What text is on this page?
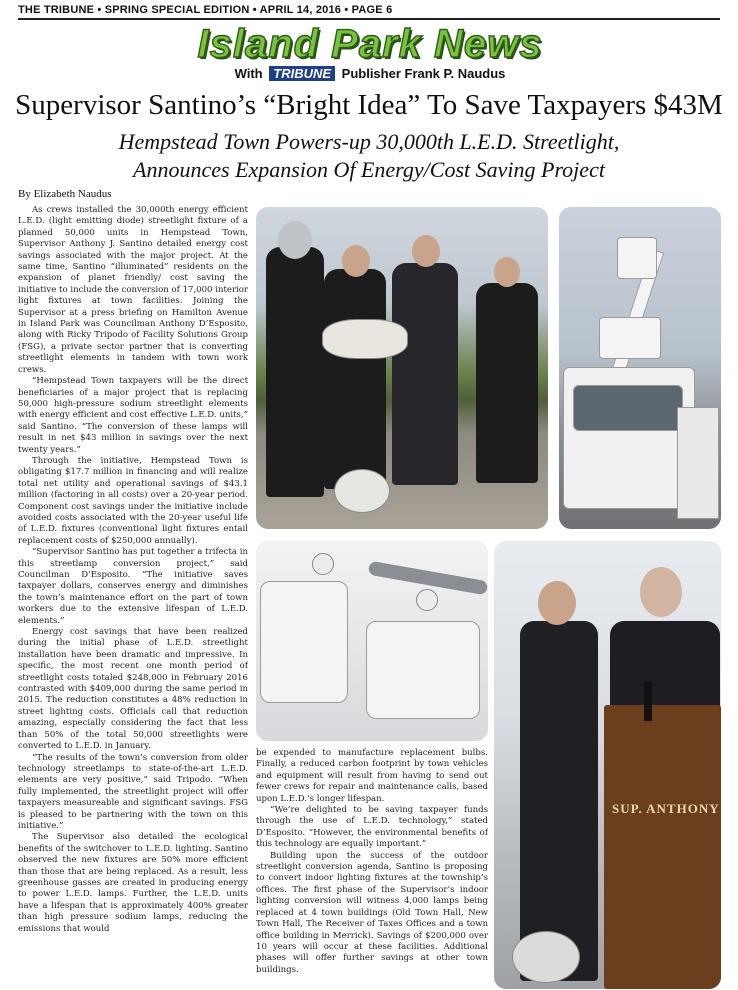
THE TRIBUNE • SPRING SPECIAL EDITION • APRIL 14, 2016 • PAGE 6
Island Park News
With TRIBUNE Publisher Frank P. Naudus
Supervisor Santino’s “Bright Idea” To Save Taxpayers $43M
Hempstead Town Powers-up 30,000th L.E.D. Streetlight,
Announces Expansion Of Energy/Cost Saving Project
By Elizabeth Naudus

As crews installed the 30,000th energy efficient L.E.D. (light emitting diode) streetlight fixture of a planned 50,000 units in Hempstead Town, Supervisor Anthony J. Santino detailed energy cost savings associated with the major project. At the same time, Santino “illuminated” residents on the expansion of planet friendly/ cost saving the initiative to include the conversion of 17,000 interior light fixtures at town facilities. Joining the Supervisor at a press briefing on Hamilton Avenue in Island Park was Councilman Anthony D’Esposito, along with Ricky Tripodo of Facility Solutions Group (FSG), a private sector partner that is converting streetlight elements in tandem with town work crews.

“Hempstead Town taxpayers will be the direct beneficiaries of a major project that is replacing 50,000 high-pressure sodium streetlight elements with energy efficient and cost effective L.E.D. units,” said Santino. “The conversion of these lamps will result in net $43 million in savings over the next twenty years.”

Through the initiative, Hempstead Town is obligating $17.7 million in financing and will realize total net utility and operational savings of $43.1 million (factoring in all costs) over a 20-year period. Component cost savings under the initiative include avoided costs associated with the 20-year useful life of L.E.D. fixtures (conventional light fixtures entail replacement costs of $250,000 annually).

“Supervisor Santino has put together a trifecta in this streetlamp conversion project,” said Councilman D’Esposito. “The initiative saves taxpayer dollars, conserves energy and diminishes the town’s maintenance effort on the part of town workers due to the extensive lifespan of L.E.D. elements.”

Energy cost savings that have been realized during the initial phase of L.E.D. streetlight installation have been dramatic and impressive. In specific, the most recent one month period of streetlight costs totaled $248,000 in February 2016 contrasted with $409,000 during the same period in 2015. The reduction constitutes a 48% reduction in street lighting costs. Officials call that reduction amazing, especially considering the fact that less than 50% of the total 50,000 streetlights were converted to L.E.D. in January.

“The results of the town’s conversion from older technology streetlamps to state-of-the-art L.E.D. elements are very positive,” said Tripodo. “When fully implemented, the streetlight project will offer taxpayers measureable and significant savings. FSG is pleased to be partnering with the town on this initiative.”

The Supervisor also detailed the ecological benefits of the switchover to L.E.D. lighting. Santino observed the new fixtures are 50% more efficient than those that are being replaced. As a result, less greenhouse gasses are created in producing energy to power L.E.D. lamps. Further, the L.E.D. units have a lifespan that is approximately 400% greater than high pressure sodium lamps, reducing the emissions that would

be expended to manufacture replacement bulbs. Finally, a reduced carbon footprint by town vehicles and equipment will result from having to send out fewer crews for repair and maintenance calls, based upon L.E.D.’s longer lifespan.

“We’re delighted to be saving taxpayer funds through the use of L.E.D. technology,” stated D’Esposito. “However, the environmental benefits of this technology are equally important.”

Building upon the success of the outdoor streetlight conversion agenda, Santino is proposing to convert indoor lighting fixtures at the township’s offices. The first phase of the Supervisor’s indoor lighting conversion will witness 4,000 lamps being replaced at 4 town buildings (Old Town Hall, New Town Hall, The Receiver of Taxes Offices and a town office building in Merrick). Savings of $200,000 over 10 years will occur at these facilities. Additional phases will offer further savings at other town buildings.

SUP. ANTHONY
